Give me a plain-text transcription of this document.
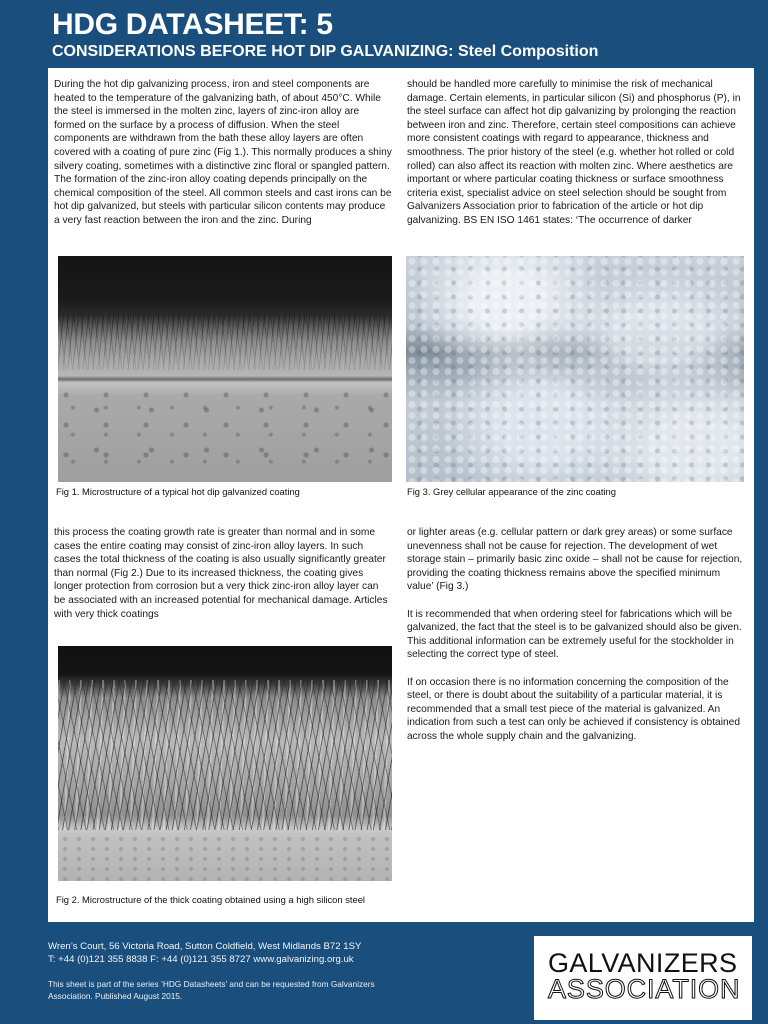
HDG DATASHEET: 5
CONSIDERATIONS BEFORE HOT DIP GALVANIZING: Steel Composition

During the hot dip galvanizing process, iron and steel components are heated to the temperature of the galvanizing bath, of about 450°C. While the steel is immersed in the molten zinc, layers of zinc-iron alloy are formed on the surface by a process of diffusion. When the steel components are withdrawn from the bath these alloy layers are often covered with a coating of pure zinc (Fig 1.). This normally produces a shiny silvery coating, sometimes with a distinctive zinc floral or spangled pattern. The formation of the zinc-iron alloy coating depends principally on the chemical composition of the steel. All common steels and cast irons can be hot dip galvanized, but steels with particular silicon contents may produce a very fast reaction between the iron and the zinc. During

should be handled more carefully to minimise the risk of mechanical damage. Certain elements, in particular silicon (Si) and phosphorus (P), in the steel surface can affect hot dip galvanizing by prolonging the reaction between iron and zinc. Therefore, certain steel compositions can achieve more consistent coatings with regard to appearance, thickness and smoothness. The prior history of the steel (e.g. whether hot rolled or cold rolled) can also affect its reaction with molten zinc. Where aesthetics are important or where particular coating thickness or surface smoothness criteria exist, specialist advice on steel selection should be sought from Galvanizers Association prior to fabrication of the article or hot dip galvanizing. BS EN ISO 1461 states: ‘The occurrence of darker

Fig 1. Microstructure of a typical hot dip galvanized coating	Fig 3. Grey cellular appearance of the zinc coating

this process the coating growth rate is greater than normal and in some cases the entire coating may consist of zinc-iron alloy layers. In such cases the total thickness of the coating is also usually significantly greater than normal (Fig 2.) Due to its increased thickness, the coating gives longer protection from corrosion but a very thick zinc-iron alloy layer can be associated with an increased potential for mechanical damage. Articles with very thick coatings

or lighter areas (e.g. cellular pattern or dark grey areas) or some surface unevenness shall not be cause for rejection. The development of wet storage stain – primarily basic zinc oxide – shall not be cause for rejection, providing the coating thickness remains above the specified minimum value’ (Fig 3.)

It is recommended that when ordering steel for fabrications which will be galvanized, the fact that the steel is to be galvanized should also be given. This additional information can be extremely useful for the stockholder in selecting the correct type of steel.

If on occasion there is no information concerning the composition of the steel, or there is doubt about the suitability of a particular material, it is recommended that a small test piece of the material is galvanized. An indication from such a test can only be achieved if consistency is obtained across the whole supply chain and the galvanizing.

Fig 2. Microstructure of the thick coating obtained using a high silicon steel
Wren’s Court, 56 Victoria Road, Sutton Coldfield, West Midlands B72 1SY
T: +44 (0)121 355 8838 F: +44 (0)121 355 8727 www.galvanizing.org.uk
This sheet is part of the series ‘HDG Datasheets’ and can be requested from Galvanizers Association. Published August 2015.
GALVANIZERS
ASSOCIATION
